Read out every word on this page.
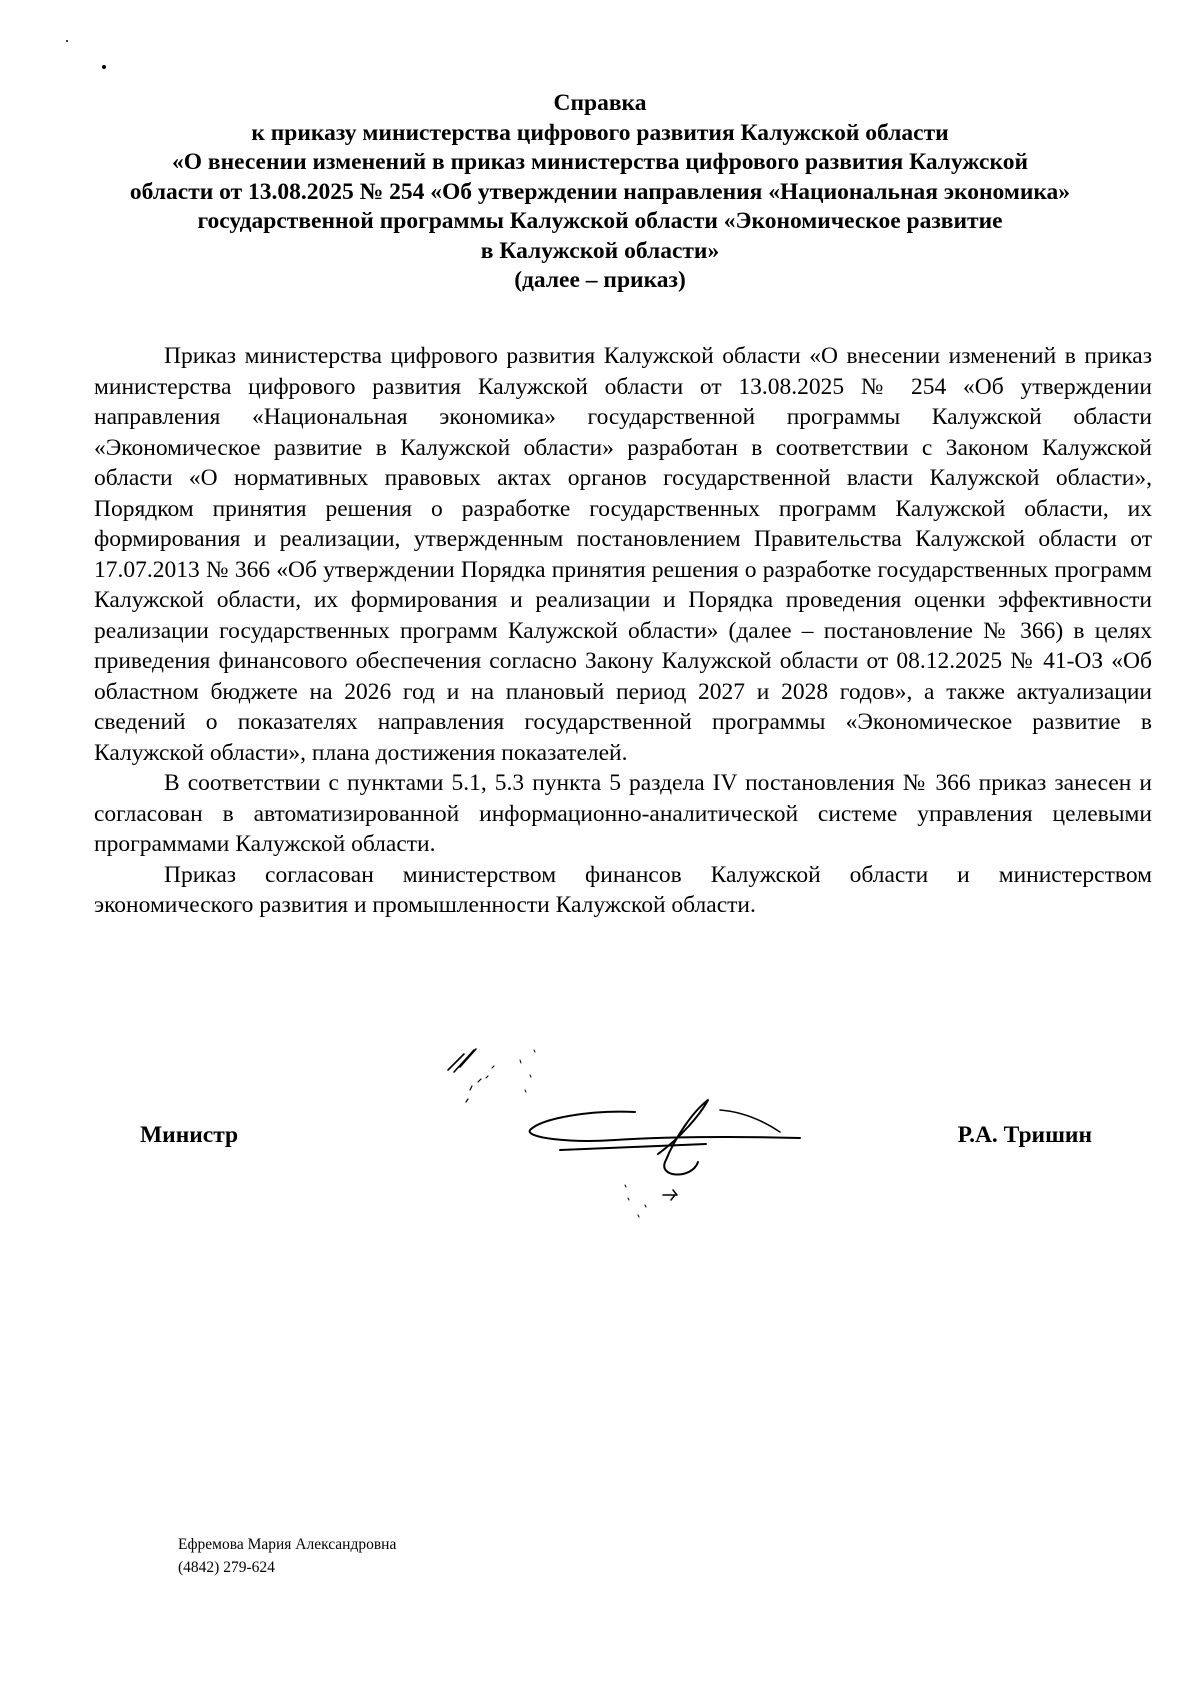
Справка
к приказу министерства цифрового развития Калужской области
«О внесении изменений в приказ министерства цифрового развития Калужской
области от 13.08.2025 № 254 «Об утверждении направления «Национальная экономика»
государственной программы Калужской области «Экономическое развитие
в Калужской области»
(далее – приказ)

Приказ министерства цифрового развития Калужской области «О внесении изменений в приказ министерства цифрового развития Калужской области от 13.08.2025 № 254 «Об утверждении направления «Национальная экономика» государственной программы Калужской области «Экономическое развитие в Калужской области» разработан в соответствии с Законом Калужской области «О нормативных правовых актах органов государственной власти Калужской области», Порядком принятия решения о разработке государственных программ Калужской области, их формирования и реализации, утвержденным постановлением Правительства Калужской области от 17.07.2013 № 366 «Об утверждении Порядка принятия решения о разработке государственных программ Калужской области, их формирования и реализации и Порядка проведения оценки эффективности реализации государственных программ Калужской области» (далее – постановление № 366) в целях приведения финансового обеспечения согласно Закону Калужской области от 08.12.2025 № 41-ОЗ «Об областном бюджете на 2026 год и на плановый период 2027 и 2028 годов», а также актуализации сведений о показателях направления государственной программы «Экономическое развитие в Калужской области», плана достижения показателей.

В соответствии с пунктами 5.1, 5.3 пункта 5 раздела IV постановления № 366 приказ занесен и согласован в автоматизированной информационно-аналитической системе управления целевыми программами Калужской области.

Приказ согласован министерством финансов Калужской области и министерством экономического развития и промышленности Калужской области.

Министр	Р.А. Тришин
Ефремова Мария Александровна
(4842) 279-624
